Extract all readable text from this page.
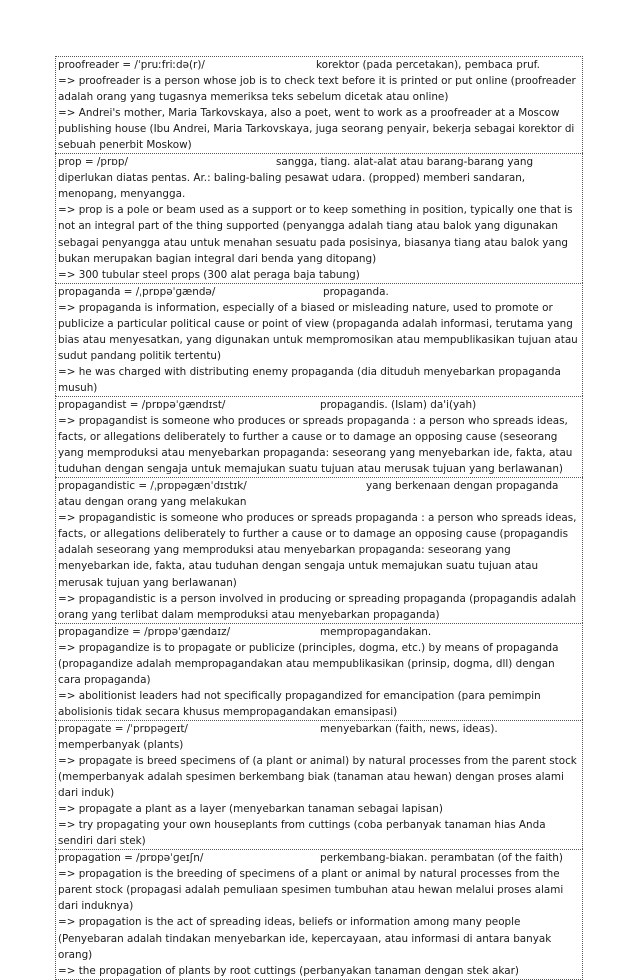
proofreader = /ˈpruːfriːdə(r)/	korektor (pada percetakan), pembaca pruf.
=> proofreader is a person whose job is to check text before it is printed or put online (proofreader adalah orang yang tugasnya memeriksa teks sebelum dicetak atau online)
=> Andrei's mother, Maria Tarkovskaya, also a poet, went to work as a proofreader at a Moscow publishing house (Ibu Andrei, Maria Tarkovskaya, juga seorang penyair, bekerja sebagai korektor di sebuah penerbit Moskow)
prop = /prɒp/	sangga, tiang. alat-alat atau barang-barang yang diperlukan diatas pentas. Ar.: baling-baling pesawat udara. (propped) memberi sandaran, menopang, menyangga.
=> prop is a pole or beam used as a support or to keep something in position, typically one that is not an integral part of the thing supported (penyangga adalah tiang atau balok yang digunakan sebagai penyangga atau untuk menahan sesuatu pada posisinya, biasanya tiang atau balok yang bukan merupakan bagian integral dari benda yang ditopang)
=> 300 tubular steel props (300 alat peraga baja tabung)
propaganda = /ˌprɒpəˈɡændə/	propaganda.
=> propaganda is information, especially of a biased or misleading nature, used to promote or publicize a particular political cause or point of view (propaganda adalah informasi, terutama yang bias atau menyesatkan, yang digunakan untuk mempromosikan atau mempublikasikan tujuan atau sudut pandang politik tertentu)
=> he was charged with distributing enemy propaganda (dia dituduh menyebarkan propaganda musuh)
propagandist = /prɒpəˈɡændɪst/	propagandis. (Islam) da'i(yah)
=> propagandist is someone who produces or spreads propaganda : a person who spreads ideas, facts, or allegations deliberately to further a cause or to damage an opposing cause (seseorang yang memproduksi atau menyebarkan propaganda: seseorang yang menyebarkan ide, fakta, atau tuduhan dengan sengaja untuk memajukan suatu tujuan atau merusak tujuan yang berlawanan)
propagandistic = /ˌprɒpəɡænˈdɪstɪk/	yang berkenaan dengan propaganda atau dengan orang yang melakukan
=> propagandistic is someone who produces or spreads propaganda : a person who spreads ideas, facts, or allegations deliberately to further a cause or to damage an opposing cause (propagandis adalah seseorang yang memproduksi atau menyebarkan propaganda: seseorang yang menyebarkan ide, fakta, atau tuduhan dengan sengaja untuk memajukan suatu tujuan atau merusak tujuan yang berlawanan)
=> propagandistic is a person involved in producing or spreading propaganda (propagandis adalah orang yang terlibat dalam memproduksi atau menyebarkan propaganda)
propagandize = /prɒpəˈɡændaɪz/	mempropagandakan.
=> propagandize is to propagate or publicize (principles, dogma, etc.) by means of propaganda (propagandize adalah mempropagandakan atau mempublikasikan (prinsip, dogma, dll) dengan cara propaganda)
=> abolitionist leaders had not specifically propagandized for emancipation (para pemimpin abolisionis tidak secara khusus mempropagandakan emansipasi)
propagate = /ˈprɒpəɡeɪt/	menyebarkan (faith, news, ideas). memperbanyak (plants)
=> propagate is breed specimens of (a plant or animal) by natural processes from the parent stock (memperbanyak adalah spesimen berkembang biak (tanaman atau hewan) dengan proses alami dari induk)
=> propagate a plant as a layer (menyebarkan tanaman sebagai lapisan)
=> try propagating your own houseplants from cuttings (coba perbanyak tanaman hias Anda sendiri dari stek)
propagation = /prɒpəˈɡeɪʃn/	perkembang-biakan. perambatan (of the faith)
=> propagation is the breeding of specimens of a plant or animal by natural processes from the parent stock (propagasi adalah pemuliaan spesimen tumbuhan atau hewan melalui proses alami dari induknya)
=> propagation is the act of spreading ideas, beliefs or information among many people (Penyebaran adalah tindakan menyebarkan ide, kepercayaan, atau informasi di antara banyak orang)
=> the propagation of plants by root cuttings (perbanyakan tanaman dengan stek akar)
